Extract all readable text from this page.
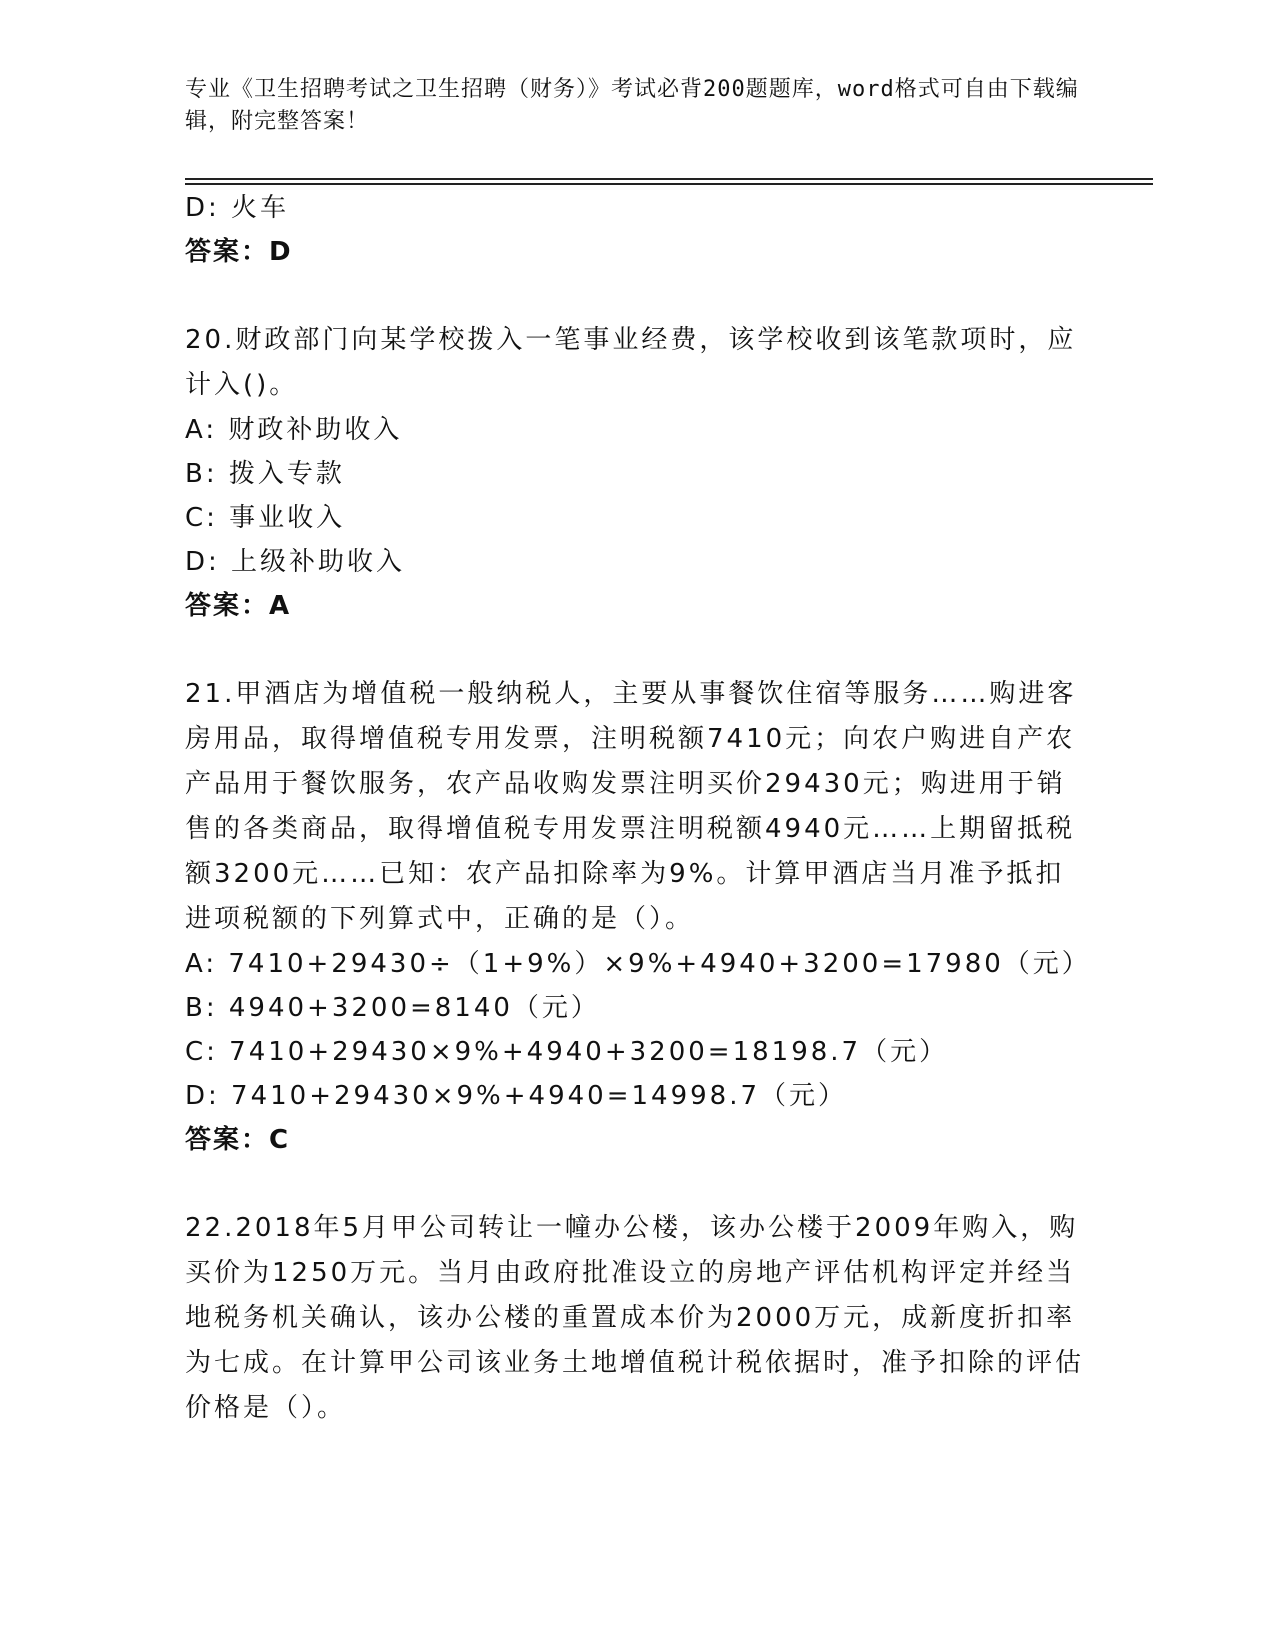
专业《卫生招聘考试之卫生招聘（财务）》考试必背200题题库，word格式可自由下载编辑，附完整答案！

D: 火车

答案：D

20.财政部门向某学校拨入一笔事业经费，该学校收到该笔款项时，应计入()。

A: 财政补助收入

B: 拨入专款

C: 事业收入

D: 上级补助收入

答案：A

21.甲酒店为增值税一般纳税人，主要从事餐饮住宿等服务……购进客房用品，取得增值税专用发票，注明税额7410元；向农户购进自产农产品用于餐饮服务，农产品收购发票注明买价29430元；购进用于销售的各类商品，取得增值税专用发票注明税额4940元……上期留抵税额3200元……已知：农产品扣除率为9%。计算甲酒店当月准予抵扣进项税额的下列算式中，正确的是（）。

A: 7410+29430÷（1+9%）×9%+4940+3200=17980（元）

B: 4940+3200=8140（元）

C: 7410+29430×9%+4940+3200=18198.7（元）

D: 7410+29430×9%+4940=14998.7（元）

答案：C

22.2018年5月甲公司转让一幢办公楼，该办公楼于2009年购入，购买价为1250万元。当月由政府批准设立的房地产评估机构评定并经当地税务机关确认，该办公楼的重置成本价为2000万元，成新度折扣率为七成。在计算甲公司该业务土地增值税计税依据时，准予扣除的评估价格是（）。
